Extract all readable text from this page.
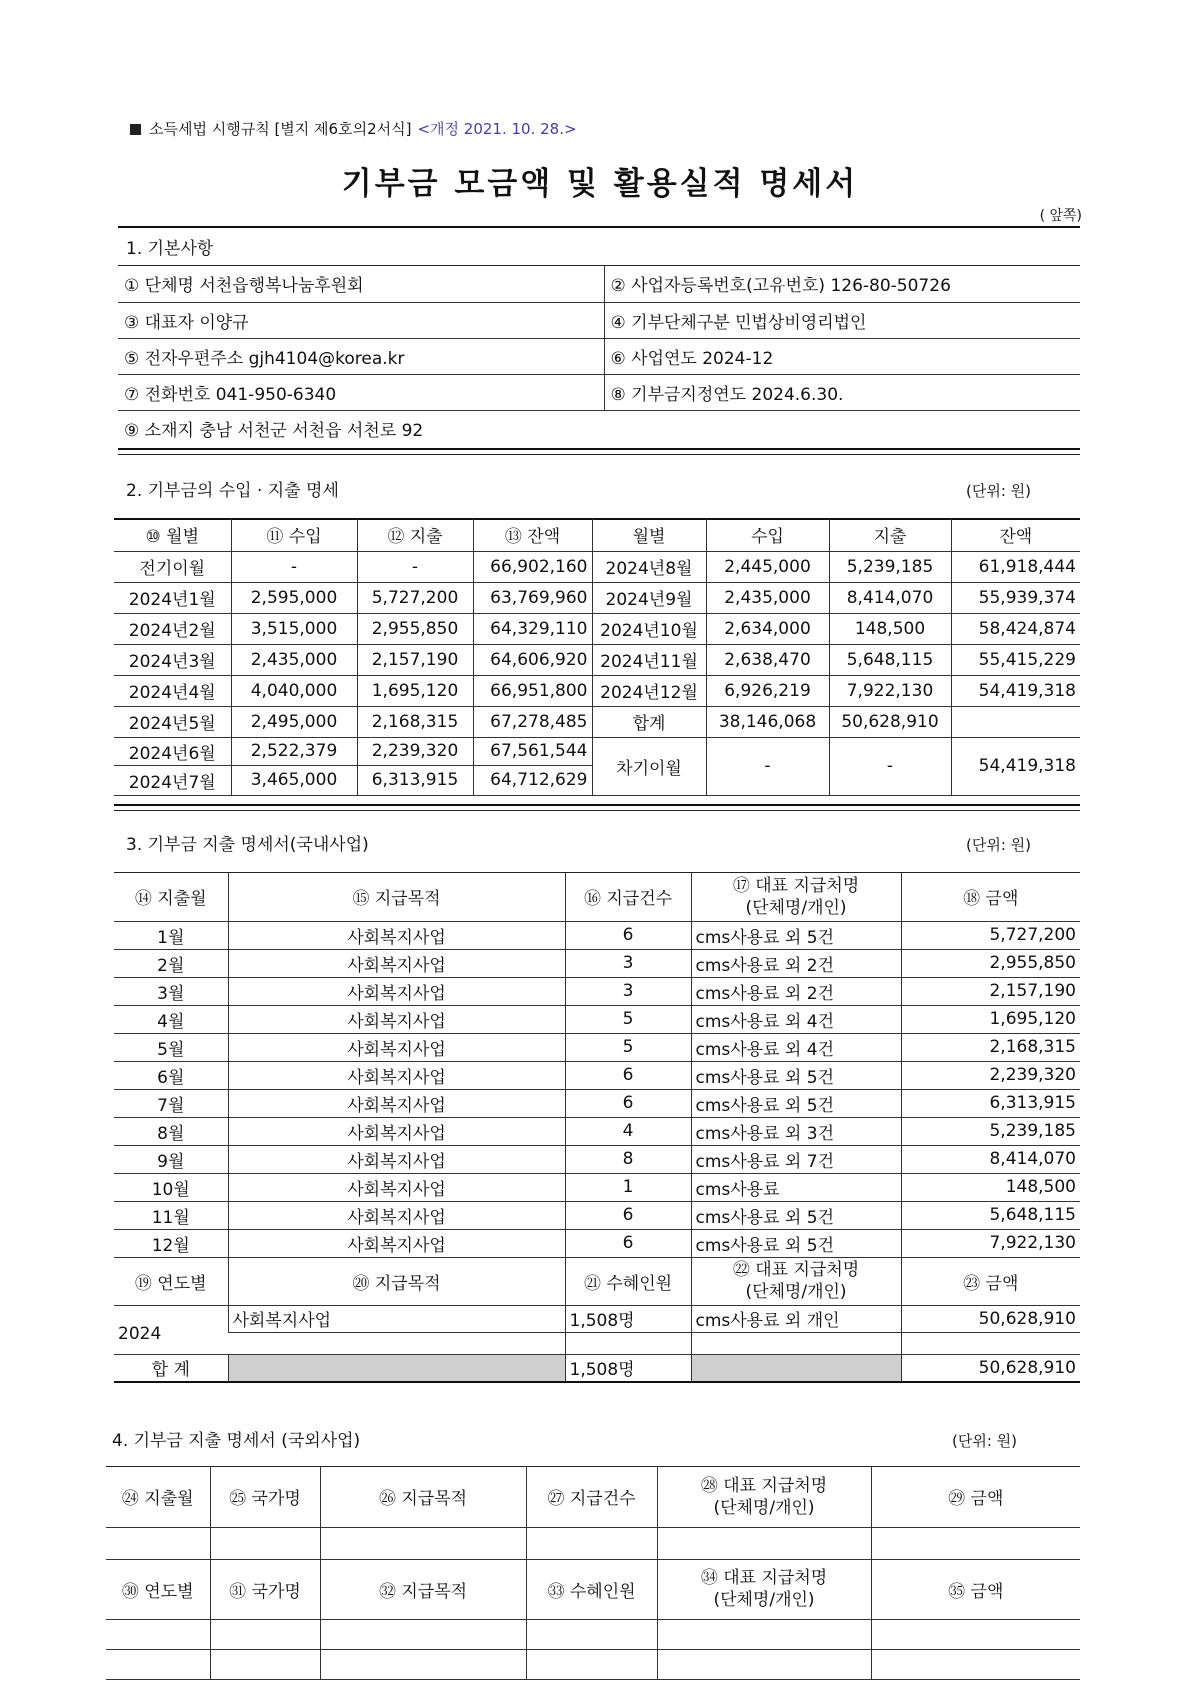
소득세법 시행규칙 [별지 제6호의2서식] <개정 2021. 10. 28.>
기부금 모금액 및 활용실적 명세서
( 앞쪽)
1. 기본사항
① 단체명 서천읍행복나눔후원회	② 사업자등록번호(고유번호) 126-80-50726
③ 대표자 이양규	④ 기부단체구분 민법상비영리법인
⑤ 전자우편주소 gjh4104@korea.kr	⑥ 사업연도 2024-12
⑦ 전화번호 041-950-6340	⑧ 기부금지정연도 2024.6.30.
⑨ 소재지 충남 서천군 서천읍 서천로 92	
2. 기부금의 수입 · 지출 명세	(단위: 원)
⑩ 월별	⑪ 수입	⑫ 지출	⑬ 잔액	월별	수입	지출	잔액
전기이월	-	-	66,902,160	2024년8월	2,445,000	5,239,185	61,918,444
2024년1월	2,595,000	5,727,200	63,769,960	2024년9월	2,435,000	8,414,070	55,939,374
2024년2월	3,515,000	2,955,850	64,329,110	2024년10월	2,634,000	148,500	58,424,874
2024년3월	2,435,000	2,157,190	64,606,920	2024년11월	2,638,470	5,648,115	55,415,229
2024년4월	4,040,000	1,695,120	66,951,800	2024년12월	6,926,219	7,922,130	54,419,318
2024년5월	2,495,000	2,168,315	67,278,485	합계	38,146,068	50,628,910	
2024년6월	2,522,379	2,239,320	67,561,544	차기이월	-	-	54,419,318
2024년7월	3,465,000	6,313,915	64,712,629				
3. 기부금 지출 명세서(국내사업)	(단위: 원)
⑭ 지출월	⑮ 지급목적	⑯ 지급건수	⑰ 대표 지급처명
(단체명/개인)	⑱ 금액
1월	사회복지사업	6	cms사용료 외 5건	5,727,200
2월	사회복지사업	3	cms사용료 외 2건	2,955,850
3월	사회복지사업	3	cms사용료 외 2건	2,157,190
4월	사회복지사업	5	cms사용료 외 4건	1,695,120
5월	사회복지사업	5	cms사용료 외 4건	2,168,315
6월	사회복지사업	6	cms사용료 외 5건	2,239,320
7월	사회복지사업	6	cms사용료 외 5건	6,313,915
8월	사회복지사업	4	cms사용료 외 3건	5,239,185
9월	사회복지사업	8	cms사용료 외 7건	8,414,070
10월	사회복지사업	1	cms사용료	148,500
11월	사회복지사업	6	cms사용료 외 5건	5,648,115
12월	사회복지사업	6	cms사용료 외 5건	7,922,130
⑲ 연도별	⑳ 지급목적	㉑ 수혜인원	㉒ 대표 지급처명
(단체명/개인)	㉓ 금액
2024	사회복지사업	1,508명	cms사용료 외 개인	50,628,910

합 계		1,508명		50,628,910
4. 기부금 지출 명세서 (국외사업)	(단위: 원)
㉔ 지출월	㉕ 국가명	㉖ 지급목적	㉗ 지급건수	㉘ 대표 지급처명
(단체명/개인)	㉙ 금액

㉚ 연도별	㉛ 국가명	㉜ 지급목적	㉝ 수혜인원	㉞ 대표 지급처명
(단체명/개인)	㉟ 금액
